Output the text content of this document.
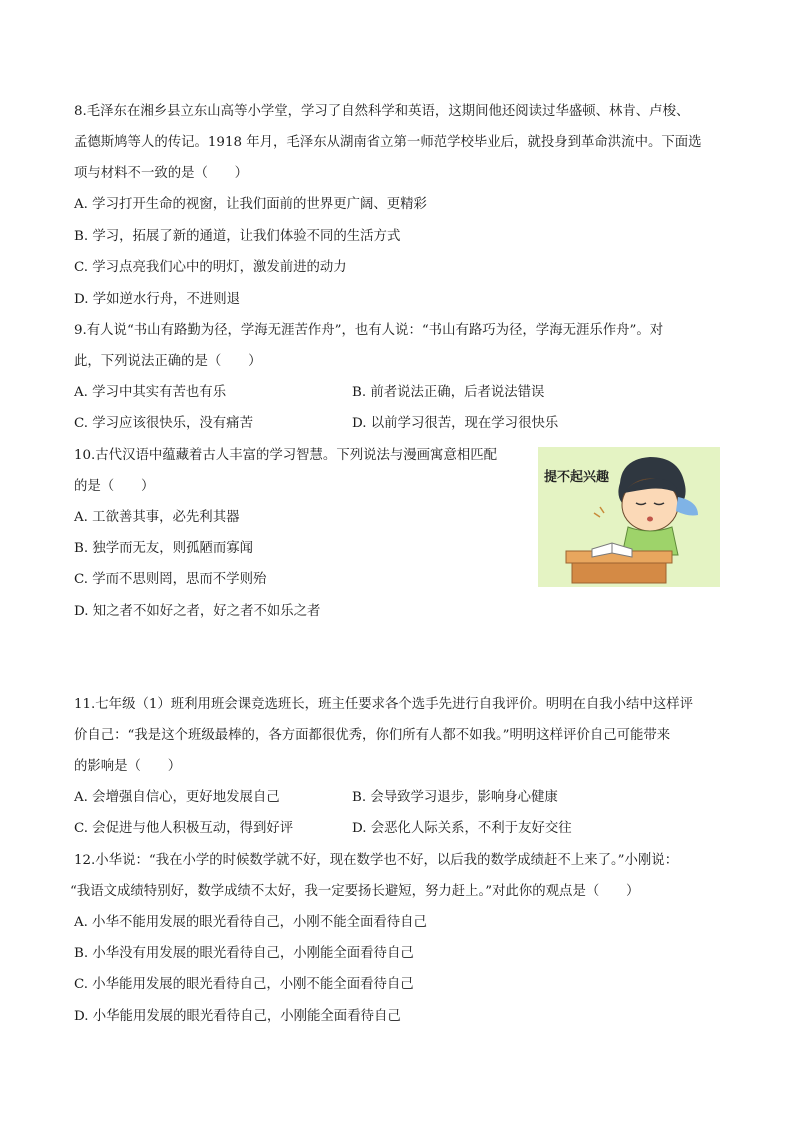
8.毛泽东在湘乡县立东山高等小学堂，学习了自然科学和英语，这期间他还阅读过华盛顿、林肯、卢梭、
孟德斯鸠等人的传记。1918 年月，毛泽东从湖南省立第一师范学校毕业后，就投身到革命洪流中。下面选
项与材料不一致的是（　　）
A. 学习打开生命的视窗，让我们面前的世界更广阔、更精彩
B. 学习，拓展了新的通道，让我们体验不同的生活方式
C. 学习点亮我们心中的明灯，激发前进的动力
D. 学如逆水行舟，不进则退
9.有人说“书山有路勤为径，学海无涯苦作舟”，也有人说：“书山有路巧为径，学海无涯乐作舟”。对
此，下列说法正确的是（　　）
A. 学习中其实有苦也有乐	B. 前者说法正确，后者说法错误
C. 学习应该很快乐，没有痛苦	D. 以前学习很苦，现在学习很快乐
10.古代汉语中蕴藏着古人丰富的学习智慧。下列说法与漫画寓意相匹配
的是（　　）
A. 工欲善其事，必先利其器
B. 独学而无友，则孤陋而寡闻
C. 学而不思则罔，思而不学则殆
D. 知之者不如好之者，好之者不如乐之者
提不起兴趣
11.七年级（1）班利用班会课竞选班长，班主任要求各个选手先进行自我评价。明明在自我小结中这样评
价自己：“我是这个班级最棒的，各方面都很优秀，你们所有人都不如我。”明明这样评价自己可能带来
的影响是（　　）
A. 会增强自信心，更好地发展自己	B. 会导致学习退步，影响身心健康
C. 会促进与他人积极互动，得到好评	D. 会恶化人际关系，不利于友好交往
12.小华说：“我在小学的时候数学就不好，现在数学也不好，以后我的数学成绩赶不上来了。”小刚说：
“我语文成绩特别好，数学成绩不太好，我一定要扬长避短，努力赶上。”对此你的观点是（　　）
A. 小华不能用发展的眼光看待自己，小刚不能全面看待自己
B. 小华没有用发展的眼光看待自己，小刚能全面看待自己
C. 小华能用发展的眼光看待自己，小刚不能全面看待自己
D. 小华能用发展的眼光看待自己，小刚能全面看待自己
